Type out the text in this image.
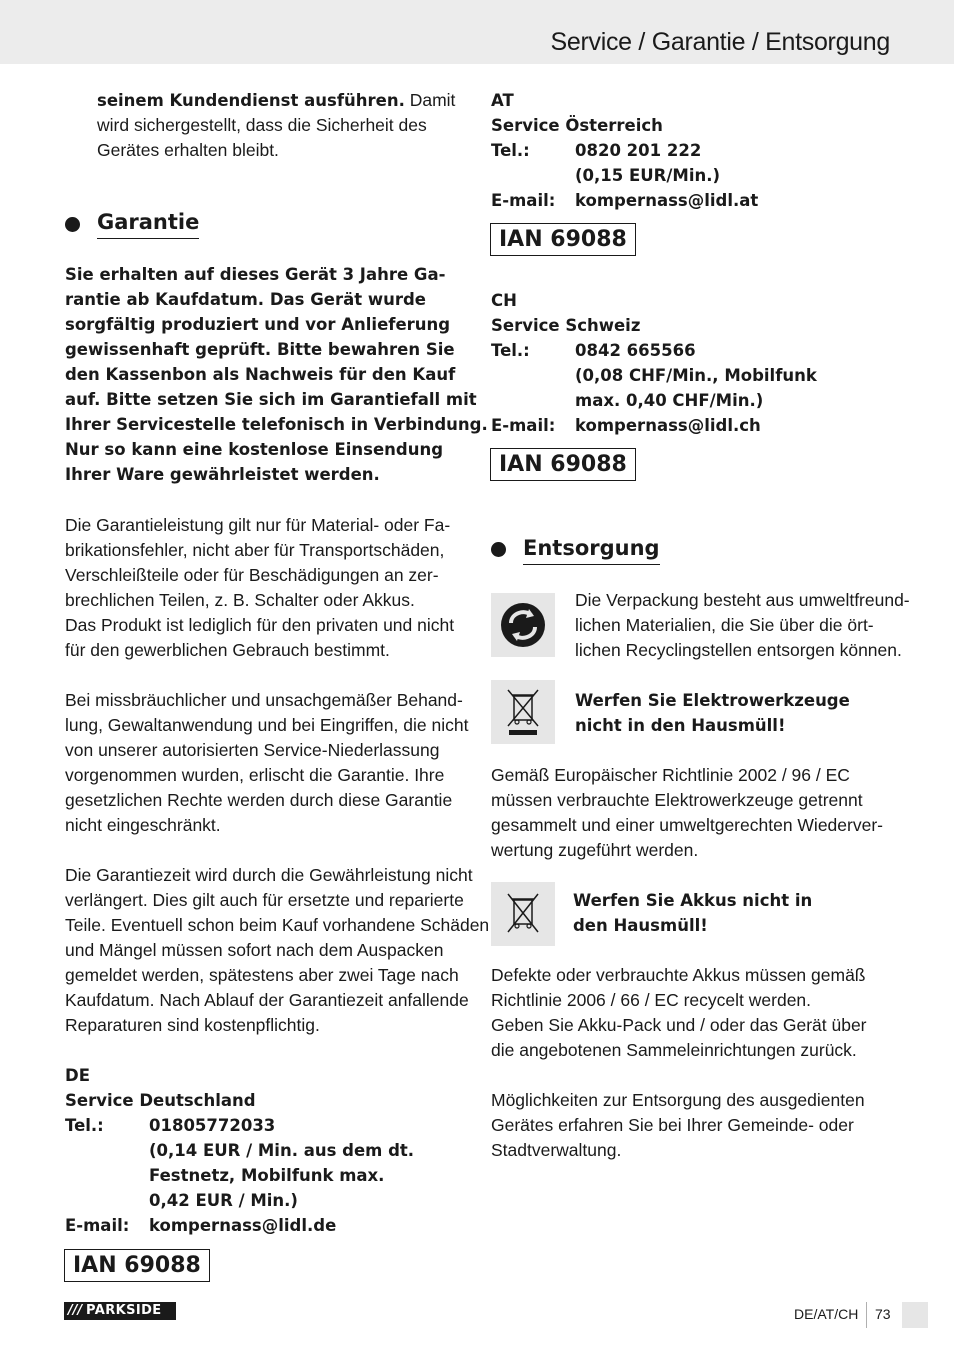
Service / Garantie / Entsorgung
seinem Kundendienst ausführen. Damit
wird sichergestellt, dass die Sicherheit des
Gerätes erhalten bleibt.
Garantie
Sie erhalten auf dieses Gerät 3 Jahre Ga-
rantie ab Kaufdatum. Das Gerät wurde
sorgfältig produziert und vor Anlieferung
gewissenhaft geprüft. Bitte bewahren Sie
den Kassenbon als Nachweis für den Kauf
auf. Bitte setzen Sie sich im Garantiefall mit
Ihrer Servicestelle telefonisch in Verbindung.
Nur so kann eine kostenlose Einsendung
Ihrer Ware gewährleistet werden.
Die Garantieleistung gilt nur für Material- oder Fa-
brikationsfehler, nicht aber für Transportschäden,
Verschleißteile oder für Beschädigungen an zer-
brechlichen Teilen, z. B. Schalter oder Akkus.
Das Produkt ist lediglich für den privaten und nicht
für den gewerblichen Gebrauch bestimmt.
Bei missbräuchlicher und unsachgemäßer Behand-
lung, Gewaltanwendung und bei Eingriffen, die nicht
von unserer autorisierten Service-Niederlassung
vorgenommen wurden, erlischt die Garantie. Ihre
gesetzlichen Rechte werden durch diese Garantie
nicht eingeschränkt.
Die Garantiezeit wird durch die Gewährleistung nicht
verlängert. Dies gilt auch für ersetzte und reparierte
Teile. Eventuell schon beim Kauf vorhandene Schäden
und Mängel müssen sofort nach dem Auspacken
gemeldet werden, spätestens aber zwei Tage nach
Kaufdatum. Nach Ablauf der Garantiezeit anfallende
Reparaturen sind kostenpflichtig.
DE
Service Deutschland
Tel.:	01805772033
(0,14 EUR / Min. aus dem dt.
Festnetz, Mobilfunk max.
0,42 EUR / Min.)
E-mail: kompernass@lidl.de
IAN 69088
AT
Service Österreich
Tel.:	0820 201 222
(0,15 EUR/Min.)
E-mail: kompernass@lidl.at
IAN 69088
CH
Service Schweiz
Tel.:	0842 665566
(0,08 CHF/Min., Mobilfunk
max. 0,40 CHF/Min.)
E-mail: kompernass@lidl.ch
IAN 69088
Entsorgung
Die Verpackung besteht aus umweltfreund-
lichen Materialien, die Sie über die ört-
lichen Recyclingstellen entsorgen können.
Werfen Sie Elektrowerkzeuge
nicht in den Hausmüll!
Gemäß Europäischer Richtlinie 2002 / 96 / EC
müssen verbrauchte Elektrowerkzeuge getrennt
gesammelt und einer umweltgerechten Wiederver-
wertung zugeführt werden.
Werfen Sie Akkus nicht in
den Hausmüll!
Defekte oder verbrauchte Akkus müssen gemäß
Richtlinie 2006 / 66 / EC recycelt werden.
Geben Sie Akku-Pack und / oder das Gerät über
die angebotenen Sammeleinrichtungen zurück.
Möglichkeiten zur Entsorgung des ausgedienten
Gerätes erfahren Sie bei Ihrer Gemeinde- oder
Stadtverwaltung.
/// PARKSIDE	DE/AT/CH 73
